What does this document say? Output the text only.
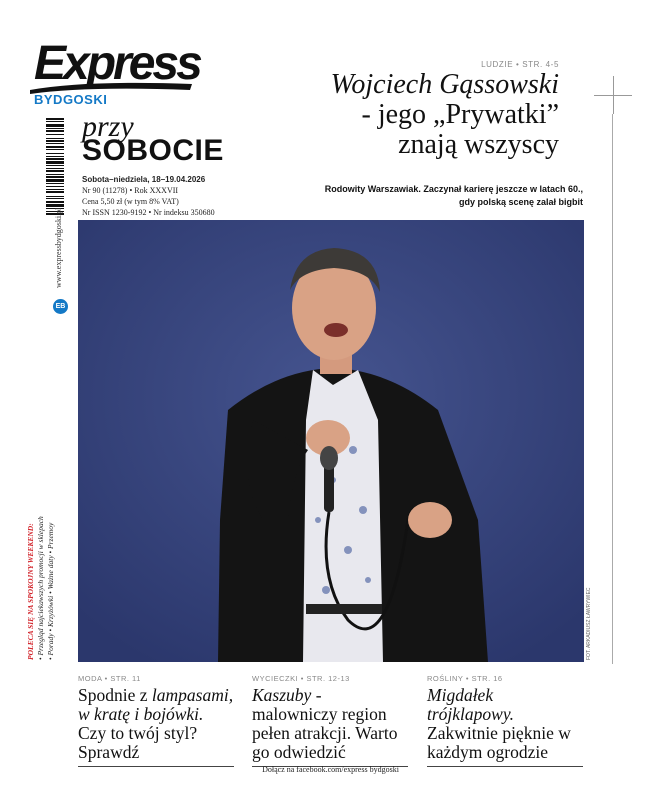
Express
BYDGOSKI
przy
SOBOCIE
Sobota–niedziela, 18–19.04.2026
Nr 90 (11278) • Rok XXXVII
Cena 5,50 zł (w tym 8% VAT)
Nr ISSN 1230-9192 • Nr indeksu 350680
LUDZIE • STR. 4-5
Wojciech Gąssowski
- jego „Prywatki”
znają wszyscy
Rodowity Warszawiak. Zaczynał karierę jeszcze w latach 60.,
gdy polską scenę zalał bigbit
www.expressbydgoski.pl
EB
POLECA SIĘ NA SPOKOJNY WEEKEND: • Przegląd najciekawszych promocji w sklepach • Porady • Krzyżówki • Ważne daty • Przemoy	FOT. ARKADIUSZ ŁAWRYWIEC
MODA • STR. 11
Spodnie z lampasami, w kratę i bojówki. Czy to twój styl? Sprawdź
WYCIECZKI • STR. 12-13
Kaszuby - malowniczy region pełen atrakcji. Warto go odwiedzić
ROŚLINY • STR. 16
Migdałek trójklapowy. Zakwitnie pięknie w każdym ogrodzie
Dołącz na facebook.com/express bydgoski
